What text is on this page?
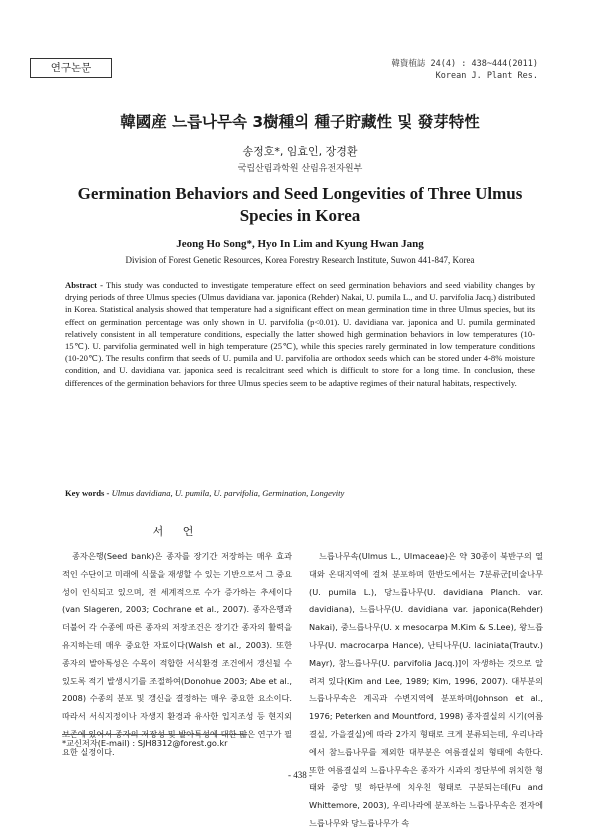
연구논문	韓資植誌 24(4) : 438~444(2011)
Korean J. Plant Res.
韓國産 느릅나무속 3樹種의 種子貯藏性 및 發芽特性
송정호*, 임효인, 장경환
국립산림과학원 산림유전자원부
Germination Behaviors and Seed Longevities of Three Ulmus
Species in Korea
Jeong Ho Song*, Hyo In Lim and Kyung Hwan Jang
Division of Forest Genetic Resources, Korea Forestry Research Institute, Suwon 441-847, Korea
Abstract - This study was conducted to investigate temperature effect on seed germination behaviors and seed viability changes by drying periods of three Ulmus species (Ulmus davidiana var. japonica (Rehder) Nakai, U. pumila L., and U. parvifolia Jacq.) distributed in Korea. Statistical analysis showed that temperature had a significant effect on mean germination time in three Ulmus species, but its effect on germination percentage was only shown in U. parvifolia (p<0.01). U. davidiana var. japonica and U. pumila germinated relatively consistent in all temperature conditions, especially the latter showed high germination behaviors in low temperatures (10-15℃). U. parvifolia germinated well in high temperature (25℃), while this species rarely germinated in low temperature conditions (10-20℃). The results confirm that seeds of U. pumila and U. parvifolia are orthodox seeds which can be stored under 4-8% moisture condition, and U. davidiana var. japonica seed is recalcitrant seed which is difficult to store for a long time. In conclusion, these differences of the germination behaviors for three Ulmus species seem to be adaptive regimes of their natural habitats, respectively.
Key words - Ulmus davidiana, U. pumila, U. parvifolia, Germination, Longevity
서 언

종자은행(Seed bank)은 종자를 장기간 저장하는 매우 효과적인 수단이고 미래에 식물을 재생할 수 있는 기반으로서 그 중요성이 인식되고 있으며, 전 세계적으로 수가 증가하는 추세이다(van Slageren, 2003; Cochrane et al., 2007). 종자은행과 더불어 각 수종에 따른 종자의 저장조건은 장기간 종자의 활력을 유지하는데 매우 중요한 자료이다(Walsh et al., 2003). 또한 종자의 발아특성은 수목이 적합한 서식환경 조건에서 갱신될 수 있도록 적기 발생시기를 조절하여(Donohue 2003; Abe et al., 2008) 수종의 분포 및 갱신을 결정하는 매우 중요한 요소이다. 따라서 서식지정이나 자생지 환경과 유사한 입지조성 등 현지외 보존에 있어서 종자의 저장성 및 발아특성에 대한 많은 연구가 필요한 실정이다.

느릅나무속(Ulmus L., Ulmaceae)은 약 30종이 북반구의 열대와 온대지역에 걸쳐 분포하며 한반도에서는 7분류군[비술나무(U. pumila L.), 당느릅나무(U. davidiana Planch. var. davidiana), 느릅나무(U. davidiana var. japonica(Rehder) Nakai), 중느릅나무(U. x mesocarpa M.Kim & S.Lee), 왕느릅나무(U. macrocarpa Hance), 난티나무(U. laciniata(Trautv.) Mayr), 참느릅나무(U. parvifolia Jacq.)]이 자생하는 것으로 알려져 있다(Kim and Lee, 1989; Kim, 1996, 2007). 대부분의 느릅나무속은 계곡과 수변지역에 분포하며(Johnson et al., 1976; Peterken and Mountford, 1998) 종자결실의 시기(여름결실, 가을결실)에 따라 2가지 형태로 크게 분류되는데, 우리나라에서 참느릅나무를 제외한 대부분은 여름결실의 형태에 속한다. 또한 여름결실의 느릅나무속은 종자가 시과의 정단부에 위치한 형태와 중앙 및 하단부에 치우친 형태로 구분되는데(Fu and Whittemore, 2003), 우리나라에 분포하는 느릅나무속은 전자에 느릅나무와 당느릅나무가 속

*교신저자(E-mail) : SJH8312@forest.go.kr
- 438 -
